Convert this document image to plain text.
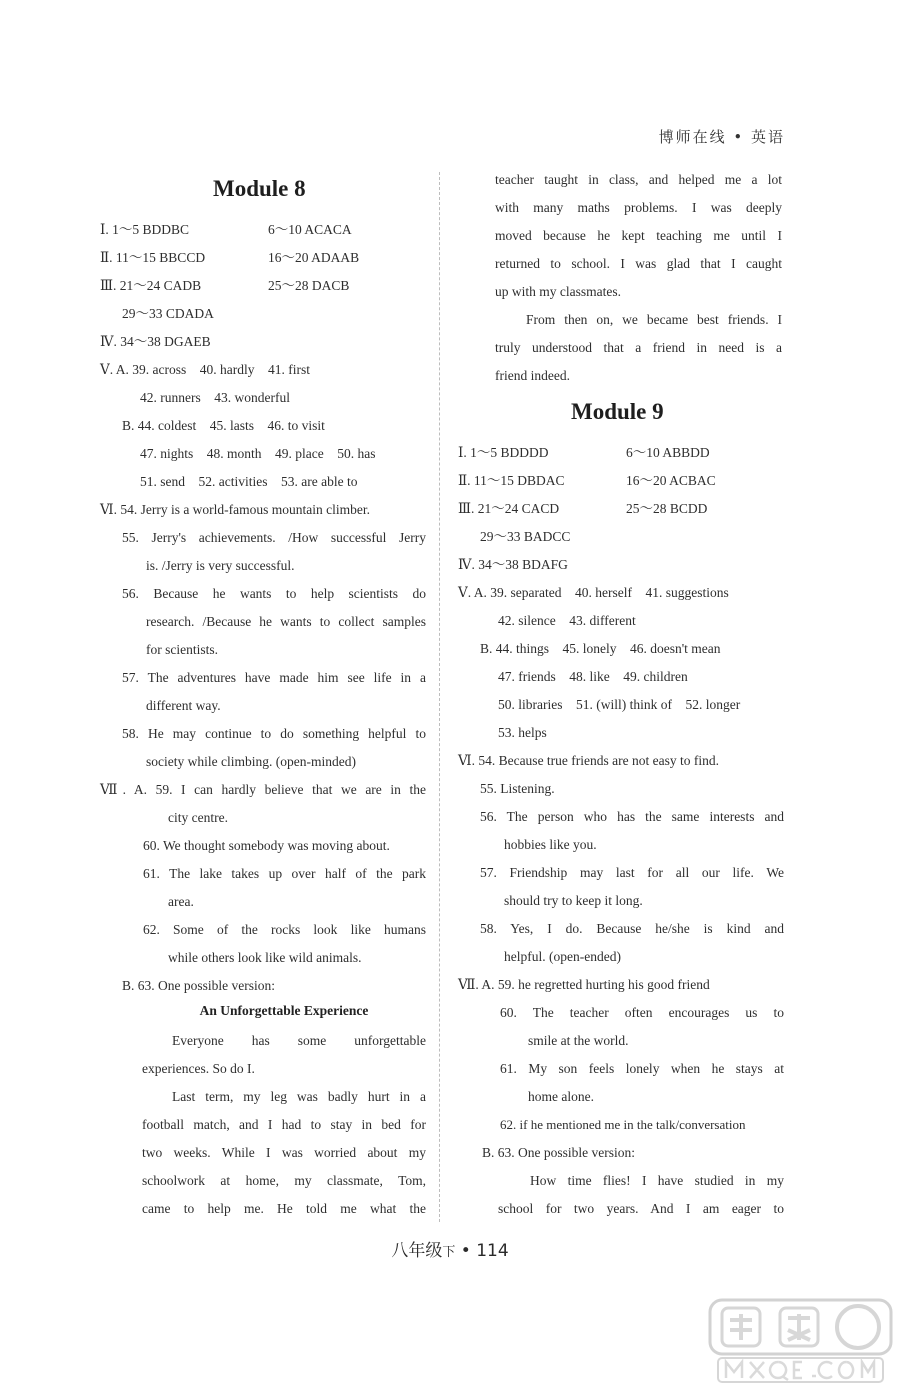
博师在线 • 英语
Module 8
Ⅰ. 1～5 BDDBC	6～10 ACACA
Ⅱ. 11～15 BBCCD	16～20 ADAAB
Ⅲ. 21～24 CADB	25～28 DACB
29～33 CDADA
Ⅳ. 34～38 DGAEB
Ⅴ. A. 39. across　40. hardly　41. first
42. runners　43. wonderful
B. 44. coldest　45. lasts　46. to visit
47. nights　48. month　49. place　50. has
51. send　52. activities　53. are able to
Ⅵ. 54. Jerry is a world-famous mountain climber.
55. Jerry's achievements. /How successful Jerry
is. /Jerry is very successful.
56. Because he wants to help scientists do
research. /Because he wants to collect samples
for scientists.
57. The adventures have made him see life in a
different way.
58. He may continue to do something helpful to
society while climbing. (open-minded)
Ⅶ. A. 59. I can hardly believe that we are in the
city centre.
60. We thought somebody was moving about.
61. The lake takes up over half of the park
area.
62. Some of the rocks look like humans
while others look like wild animals.
B. 63. One possible version:
An Unforgettable Experience
Everyone has some unforgettable
experiences. So do I.
Last term, my leg was badly hurt in a
football match, and I had to stay in bed for
two weeks. While I was worried about my
schoolwork at home, my classmate, Tom,
came to help me. He told me what the
teacher taught in class, and helped me a lot
with many maths problems. I was deeply
moved because he kept teaching me until I
returned to school. I was glad that I caught
up with my classmates.
From then on, we became best friends. I
truly understood that a friend in need is a
friend indeed.
Module 9
Ⅰ. 1～5 BDDDD	6～10 ABBDD
Ⅱ. 11～15 DBDAC	16～20 ACBAC
Ⅲ. 21～24 CACD	25～28 BCDD
29～33 BADCC
Ⅳ. 34～38 BDAFG
Ⅴ. A. 39. separated　40. herself　41. suggestions
42. silence　43. different
B. 44. things　45. lonely　46. doesn't mean
47. friends　48. like　49. children
50. libraries　51. (will) think of　52. longer
53. helps
Ⅵ. 54. Because true friends are not easy to find.
55. Listening.
56. The person who has the same interests and
hobbies like you.
57. Friendship may last for all our life. We
should try to keep it long.
58. Yes, I do. Because he/she is kind and
helpful. (open-ended)
Ⅶ. A. 59. he regretted hurting his good friend
60. The teacher often encourages us to
smile at the world.
61. My son feels lonely when he stays at
home alone.
62. if he mentioned me in the talk/conversation
B. 63. One possible version:
How time flies! I have studied in my
school for two years. And I am eager to
八年级下 • 114
